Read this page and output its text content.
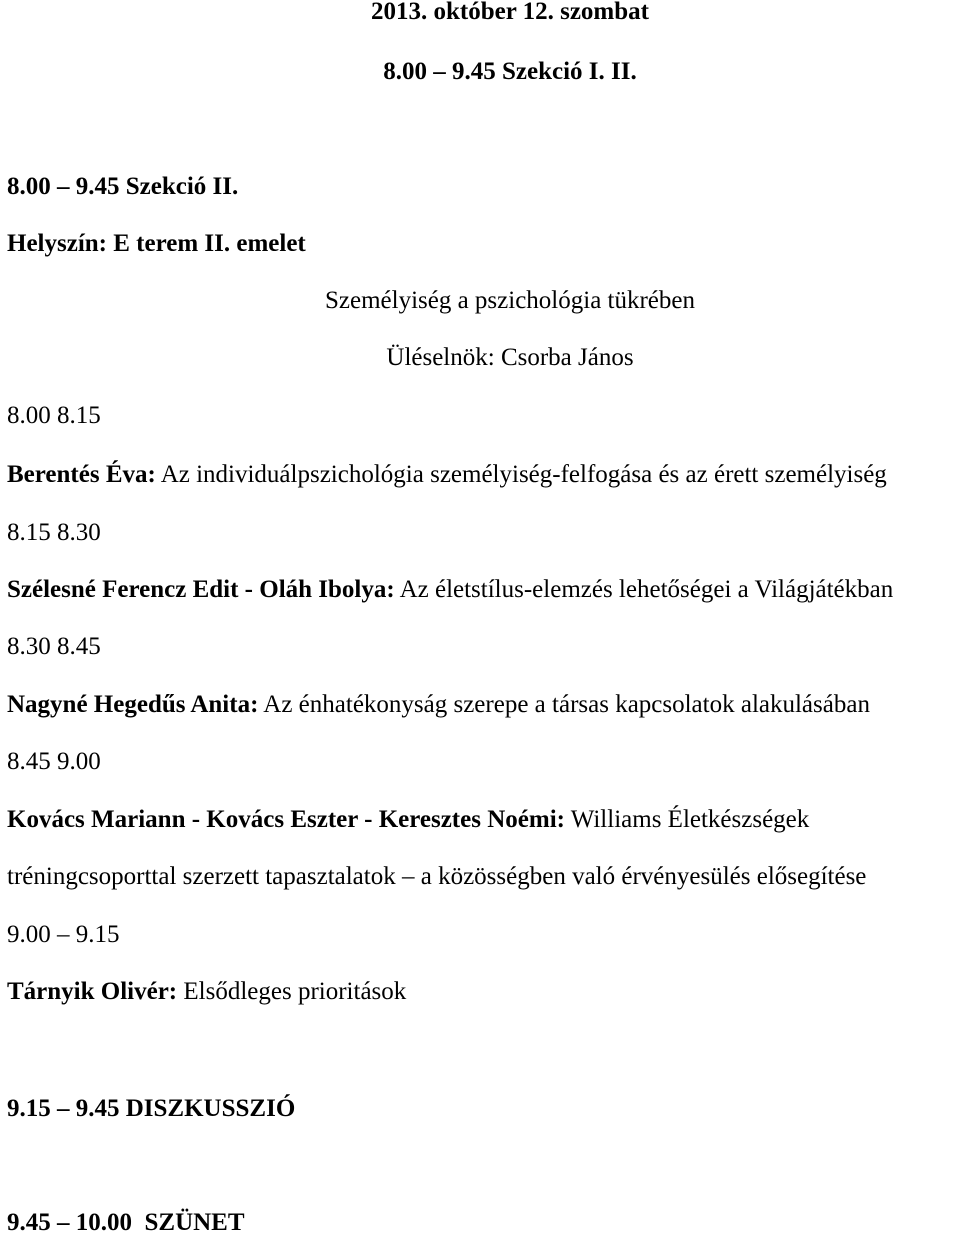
2013. október 12. szombat
8.00 – 9.45 Szekció I. II.
8.00 – 9.45 Szekció II.
Helyszín: E terem II. emelet
Személyiség a pszichológia tükrében
Üléselnök: Csorba János
8.00 8.15
Berentés Éva: Az individuálpszichológia személyiség-felfogása és az érett személyiség
8.15 8.30
Szélesné Ferencz Edit - Oláh Ibolya: Az életstílus-elemzés lehetőségei a Világjátékban
8.30 8.45
Nagyné Hegedűs Anita: Az énhatékonyság szerepe a társas kapcsolatok alakulásában
8.45 9.00
Kovács Mariann - Kovács Eszter - Keresztes Noémi: Williams Életkészségek
tréningcsoporttal szerzett tapasztalatok – a közösségben való érvényesülés elősegítése
9.00 – 9.15
Tárnyik Olivér: Elsődleges prioritások
9.15 – 9.45 DISZKUSSZIÓ
9.45 – 10.00  SZÜNET
